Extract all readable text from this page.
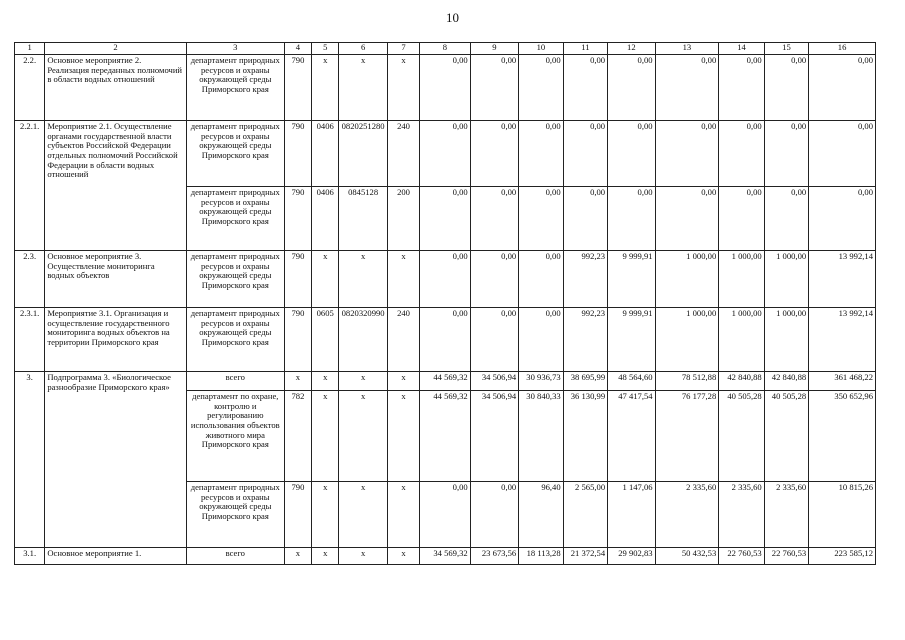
10
1	2	3	4	5	6	7	8	9	10	11	12	13	14	15	16
2.2.	Основное мероприятие 2. Реализация переданных полномочий в области водных отношений	департамент природных ресурсов и охраны окружающей среды Приморского края	790	x	x	x	0,00	0,00	0,00	0,00	0,00	0,00	0,00	0,00	0,00
2.2.1.	Мероприятие 2.1. Осуществление органами государственной власти субъектов Российской Федерации отдельных полномочий Российской Федерации в области водных отношений	департамент природных ресурсов и охраны окружающей среды Приморского края	790	0406	0820251280	240	0,00	0,00	0,00	0,00	0,00	0,00	0,00	0,00	0,00
		департамент природных ресурсов и охраны окружающей среды Приморского края	790	0406	0845128	200	0,00	0,00	0,00	0,00	0,00	0,00	0,00	0,00	0,00
2.3.	Основное мероприятие 3. Осуществление мониторинга водных объектов	департамент природных ресурсов и охраны окружающей среды Приморского края	790	x	x	x	0,00	0,00	0,00	992,23	9 999,91	1 000,00	1 000,00	1 000,00	13 992,14
2.3.1.	Мероприятие 3.1. Организация и осуществление государственного мониторинга водных объектов на территории Приморского края	департамент природных ресурсов и охраны окружающей среды Приморского края	790	0605	0820320990	240	0,00	0,00	0,00	992,23	9 999,91	1 000,00	1 000,00	1 000,00	13 992,14
3.	Подпрограмма 3. «Биологическое разнообразие Приморского края»	всего	x	x	x	x	44 569,32	34 506,94	30 936,73	38 695,99	48 564,60	78 512,88	42 840,88	42 840,88	361 468,22
		департамент по охране, контролю и регулированию использования объектов животного мира Приморского края	782	x	x	x	44 569,32	34 506,94	30 840,33	36 130,99	47 417,54	76 177,28	40 505,28	40 505,28	350 652,96
		департамент природных ресурсов и охраны окружающей среды Приморского края	790	x	x	x	0,00	0,00	96,40	2 565,00	1 147,06	2 335,60	2 335,60	2 335,60	10 815,26
3.1.	Основное мероприятие 1.	всего	x	x	x	x	34 569,32	23 673,56	18 113,28	21 372,54	29 902,83	50 432,53	22 760,53	22 760,53	223 585,12
